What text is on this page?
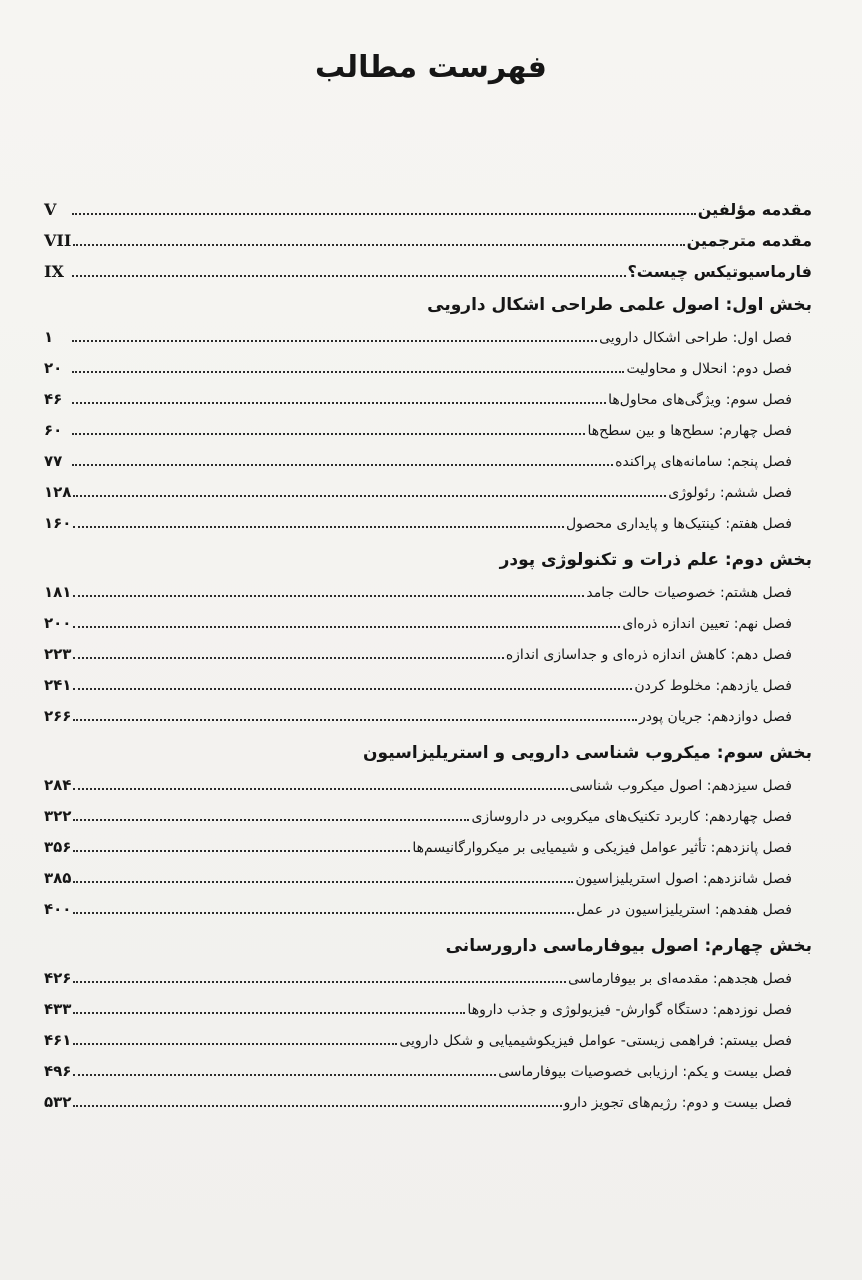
فهرست مطالب
مقدمه مؤلفین
V
مقدمه مترجمین
VII
فارماسیوتیکس چیست؟
IX
بخش اول: اصول علمی طراحی اشکال دارویی
فصل اول: طراحی اشکال دارویی
۱
فصل دوم: انحلال و محاولیت
۲۰
فصل سوم: ویژگی‌های محاول‌ها
۴۶
فصل چهارم: سطح‌ها و بین سطح‌ها
۶۰
فصل پنجم: سامانه‌های پراکنده
۷۷
فصل ششم: رئولوژی
۱۲۸
فصل هفتم: کینتیک‌ها و پایداری محصول
۱۶۰
بخش دوم: علم ذرات و تکنولوژی پودر
فصل هشتم: خصوصیات حالت جامد
۱۸۱
فصل نهم: تعیین اندازه ذره‌ای
۲۰۰
فصل دهم: کاهش اندازه ذره‌ای و جداسازی اندازه
۲۲۳
فصل یازدهم: مخلوط کردن
۲۴۱
فصل دوازدهم: جریان پودر
۲۶۶
بخش سوم: میکروب شناسی دارویی و استریلیزاسیون
فصل سیزدهم: اصول میکروب شناسی
۲۸۴
فصل چهاردهم: کاربرد تکنیک‌های میکروبی در داروسازی
۳۲۲
فصل پانزدهم: تأثیر عوامل فیزیکی و شیمیایی بر میکروارگانیسم‌ها
۳۵۶
فصل شانزدهم: اصول استریلیزاسیون
۳۸۵
فصل هفدهم: استریلیزاسیون در عمل
۴۰۰
بخش چهارم: اصول بیوفارماسی دارورسانی
فصل هجدهم: مقدمه‌ای بر بیوفارماسی
۴۲۶
فصل نوزدهم: دستگاه گوارش- فیزیولوژی و جذب داروها
۴۳۳
فصل بیستم: فراهمی زیستی- عوامل فیزیکوشیمیایی و شکل دارویی
۴۶۱
فصل بیست و یکم: ارزیابی خصوصیات بیوفارماسی
۴۹۶
فصل بیست و دوم: رژیم‌های تجویز دارو
۵۳۲
